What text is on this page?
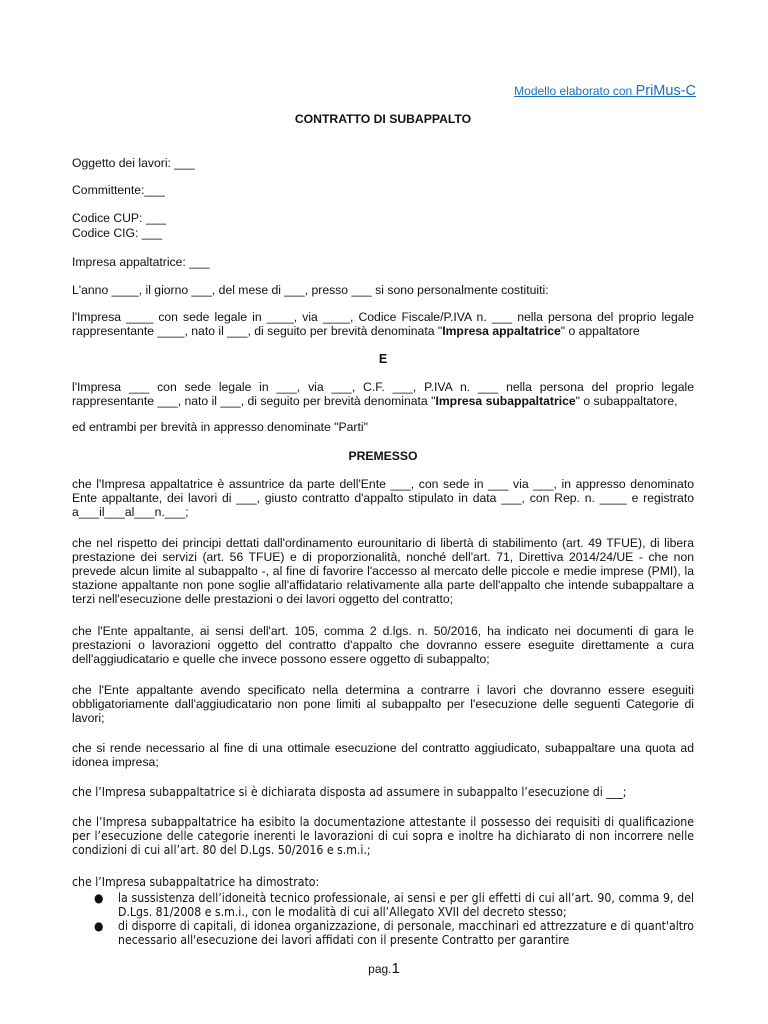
Modello elaborato con PriMus-C

CONTRATTO DI SUBAPPALTO

Oggetto dei lavori: ___

Committente:___

Codice CUP: ___

Codice CIG: ___

Impresa appaltatrice: ___

L'anno ____, il giorno ___, del mese di ___, presso ___ si sono personalmente costituiti:

l'Impresa ____ con sede legale in ____, via ____, Codice Fiscale/P.IVA n. ___ nella persona del proprio legale rappresentante ____, nato il ___, di seguito per brevità denominata "Impresa appaltatrice" o appaltatore

E

l'Impresa ___ con sede legale in ___, via ___, C.F. ___, P.IVA n. ___ nella persona del proprio legale rappresentante ___, nato il ___, di seguito per brevità denominata "Impresa subappaltatrice" o subappaltatore,

ed entrambi per brevità in appresso denominate "Parti"

PREMESSO

che l'Impresa appaltatrice è assuntrice da parte dell'Ente ___, con sede in ___ via ___, in appresso denominato Ente appaltante, dei lavori di ___, giusto contratto d'appalto stipulato in data ___, con Rep. n. ____ e registrato a___il___al___n.___;

che nel rispetto dei principi dettati dall'ordinamento eurounitario di libertà di stabilimento (art. 49 TFUE), di libera prestazione dei servizi (art. 56 TFUE) e di proporzionalità, nonché dell'art. 71, Direttiva 2014/24/UE - che non prevede alcun limite al subappalto -, al fine di favorire l'accesso al mercato delle piccole e medie imprese (PMI), la stazione appaltante non pone soglie all'affidatario relativamente alla parte dell'appalto che intende subappaltare a terzi nell'esecuzione delle prestazioni o dei lavori oggetto del contratto;

che l'Ente appaltante, ai sensi dell'art. 105, comma 2 d.lgs. n. 50/2016, ha indicato nei documenti di gara le prestazioni o lavorazioni oggetto del contratto d'appalto che dovranno essere eseguite direttamente a cura dell'aggiudicatario e quelle che invece possono essere oggetto di subappalto;

che l'Ente appaltante avendo specificato nella determina a contrarre i lavori che dovranno essere eseguiti obbligatoriamente dall'aggiudicatario non pone limiti al subappalto per l'esecuzione delle seguenti Categorie di lavori;

che si rende necessario al fine di una ottimale esecuzione del contratto aggiudicato, subappaltare una quota ad idonea impresa;

che l’Impresa subappaltatrice si è dichiarata disposta ad assumere in subappalto l’esecuzione di ___;

che l’Impresa subappaltatrice ha esibito la documentazione attestante il possesso dei requisiti di qualificazione per l’esecuzione delle categorie inerenti le lavorazioni di cui sopra e inoltre ha dichiarato di non incorrere nelle condizioni di cui all’art. 80 del D.Lgs. 50/2016 e s.m.i.;

che l’Impresa subappaltatrice ha dimostrato:

● la sussistenza dell’idoneità tecnico professionale, ai sensi e per gli effetti di cui all’art. 90, comma 9, del D.Lgs. 81/2008 e s.m.i., con le modalità di cui all’Allegato XVII del decreto stesso;
● di disporre di capitali, di idonea organizzazione, di personale, macchinari ed attrezzature e di quant'altro necessario all'esecuzione dei lavori affidati con il presente Contratto per garantire
pag.1
